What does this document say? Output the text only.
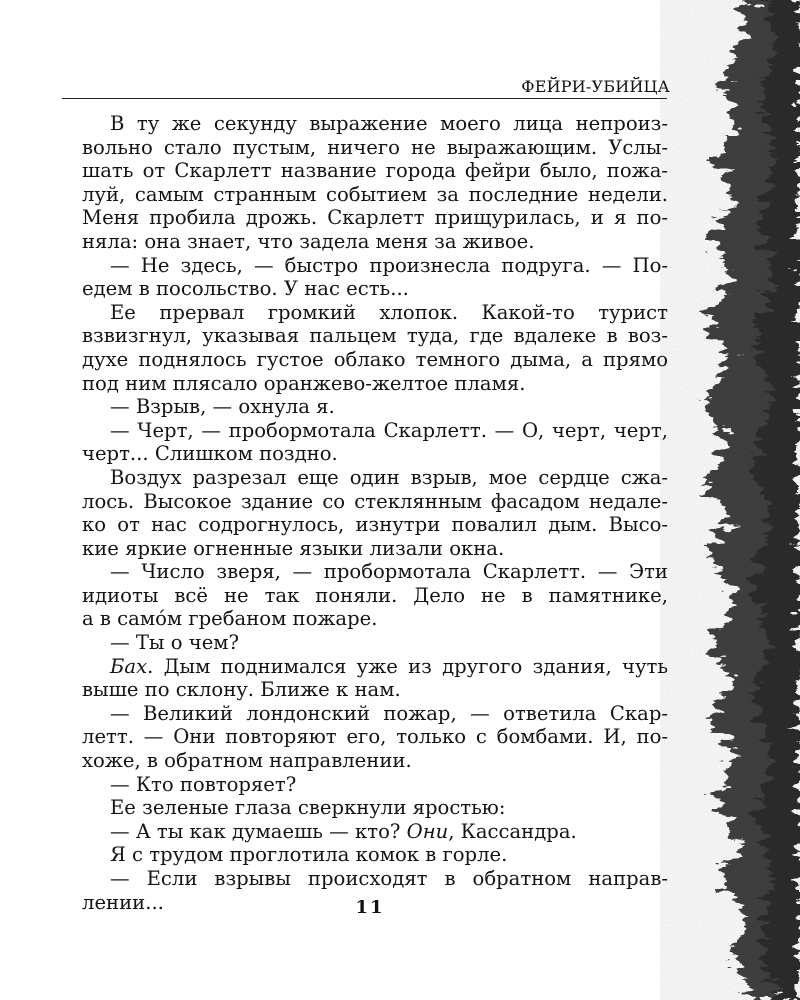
ФЕЙРИ-УБИЙЦА
В ту же секунду выражение моего лица непроиз-
вольно стало пустым, ничего не выражающим. Услы-
шать от Скарлетт название города фейри было, пожа-
луй, самым странным событием за последние недели.
Меня пробила дрожь. Скарлетт прищурилась, и я по-
няла: она знает, что задела меня за живое.
— Не здесь, — быстро произнесла подруга. — По-
едем в посольство. У нас есть...
Ее прервал громкий хлопок. Какой-то турист
взвизгнул, указывая пальцем туда, где вдалеке в воз-
духе поднялось густое облако темного дыма, а прямо
под ним плясало оранжево-желтое пламя.
— Взрыв, — охнула я.
— Черт, — пробормотала Скарлетт. — О, черт, черт,
черт... Слишком поздно.
Воздух разрезал еще один взрыв, мое сердце сжа-
лось. Высокое здание со стеклянным фасадом недале-
ко от нас содрогнулось, изнутри повалил дым. Высо-
кие яркие огненные языки лизали окна.
— Число зверя, — пробормотала Скарлетт. — Эти
идиоты всё не так поняли. Дело не в памятнике,
а в само́м гребаном пожаре.
— Ты о чем?
Бах. Дым поднимался уже из другого здания, чуть
выше по склону. Ближе к нам.
— Великий лондонский пожар, — ответила Скар-
летт. — Они повторяют его, только с бомбами. И, по-
хоже, в обратном направлении.
— Кто повторяет?
Ее зеленые глаза сверкнули яростью:
— А ты как думаешь — кто? Они, Кассандра.
Я с трудом проглотила комок в горле.
— Если взрывы происходят в обратном направ-
лении...	11
